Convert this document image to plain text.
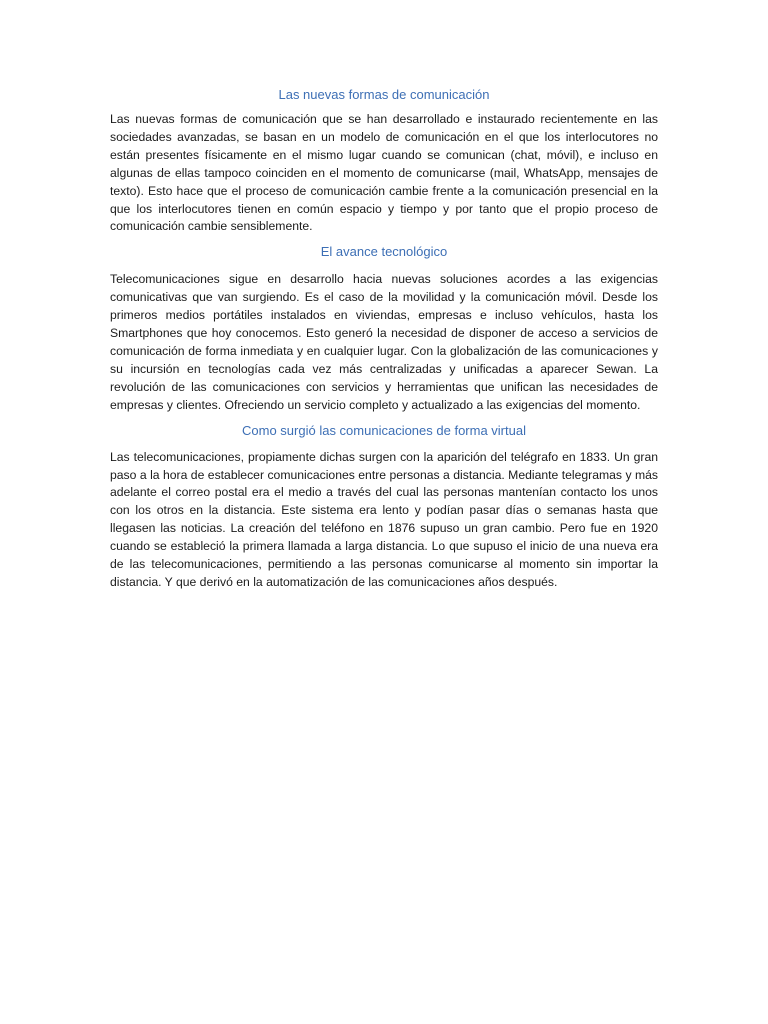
Las nuevas formas de comunicación

Las nuevas formas de comunicación que se han desarrollado e instaurado recientemente en las sociedades avanzadas, se basan en un modelo de comunicación en el que los interlocutores no están presentes físicamente en el mismo lugar cuando se comunican (chat, móvil), e incluso en algunas de ellas tampoco coinciden en el momento de comunicarse (mail, WhatsApp, mensajes de texto). Esto hace que el proceso de comunicación cambie frente a la comunicación presencial en la que los interlocutores tienen en común espacio y tiempo y por tanto que el propio proceso de comunicación cambie sensiblemente.

El avance tecnológico

Telecomunicaciones sigue en desarrollo hacia nuevas soluciones acordes a las exigencias comunicativas que van surgiendo. Es el caso de la movilidad y la comunicación móvil. Desde los primeros medios portátiles instalados en viviendas, empresas e incluso vehículos, hasta los Smartphones que hoy conocemos. Esto generó la necesidad de disponer de acceso a servicios de comunicación de forma inmediata y en cualquier lugar. Con la globalización de las comunicaciones y su incursión en tecnologías cada vez más centralizadas y unificadas a aparecer Sewan. La revolución de las comunicaciones con servicios y herramientas que unifican las necesidades de empresas y clientes. Ofreciendo un servicio completo y actualizado a las exigencias del momento.

Como surgió las comunicaciones de forma virtual

Las telecomunicaciones, propiamente dichas surgen con la aparición del telégrafo en 1833. Un gran paso a la hora de establecer comunicaciones entre personas a distancia. Mediante telegramas y más adelante el correo postal era el medio a través del cual las personas mantenían contacto los unos con los otros en la distancia. Este sistema era lento y podían pasar días o semanas hasta que llegasen las noticias. La creación del teléfono en 1876 supuso un gran cambio. Pero fue en 1920 cuando se estableció la primera llamada a larga distancia. Lo que supuso el inicio de una nueva era de las telecomunicaciones, permitiendo a las personas comunicarse al momento sin importar la distancia. Y que derivó en la automatización de las comunicaciones años después.
